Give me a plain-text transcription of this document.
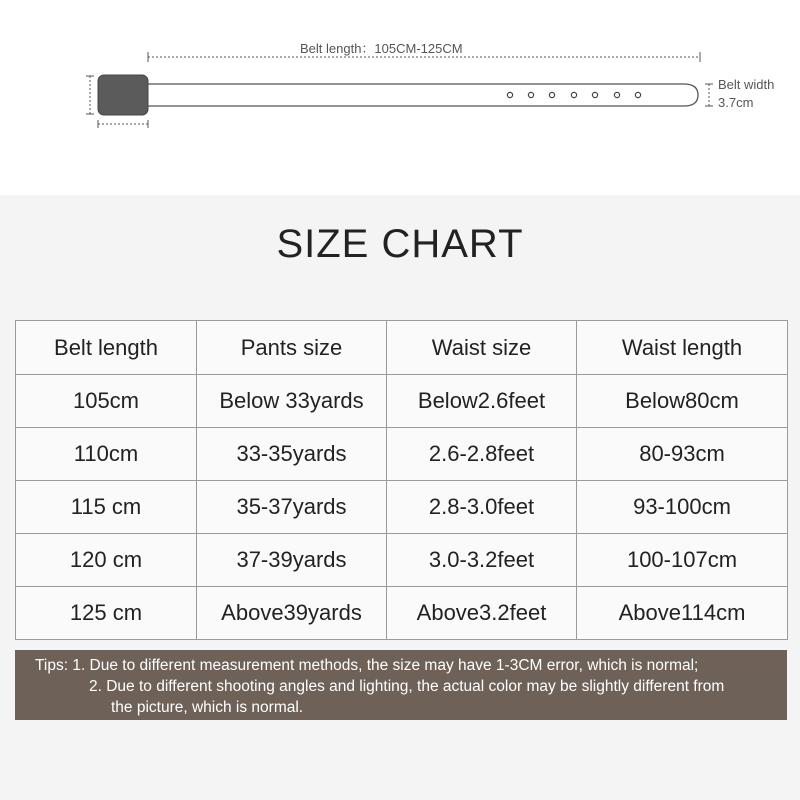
Belt length：105CM-125CM
Belt width
3.7cm
SIZE CHART
Belt length	Pants size	Waist size	Waist length
105cm	Below 33yards	Below2.6feet	Below80cm
110cm	33-35yards	2.6-2.8feet	80-93cm
115 cm	35-37yards	2.8-3.0feet	93-100cm
120 cm	37-39yards	3.0-3.2feet	100-107cm
125 cm	Above39yards	Above3.2feet	Above114cm
Tips: 1. Due to different measurement methods, the size may have 1-3CM error, which is normal;
2. Due to different shooting angles and lighting, the actual color may be slightly different from
the picture, which is normal.
